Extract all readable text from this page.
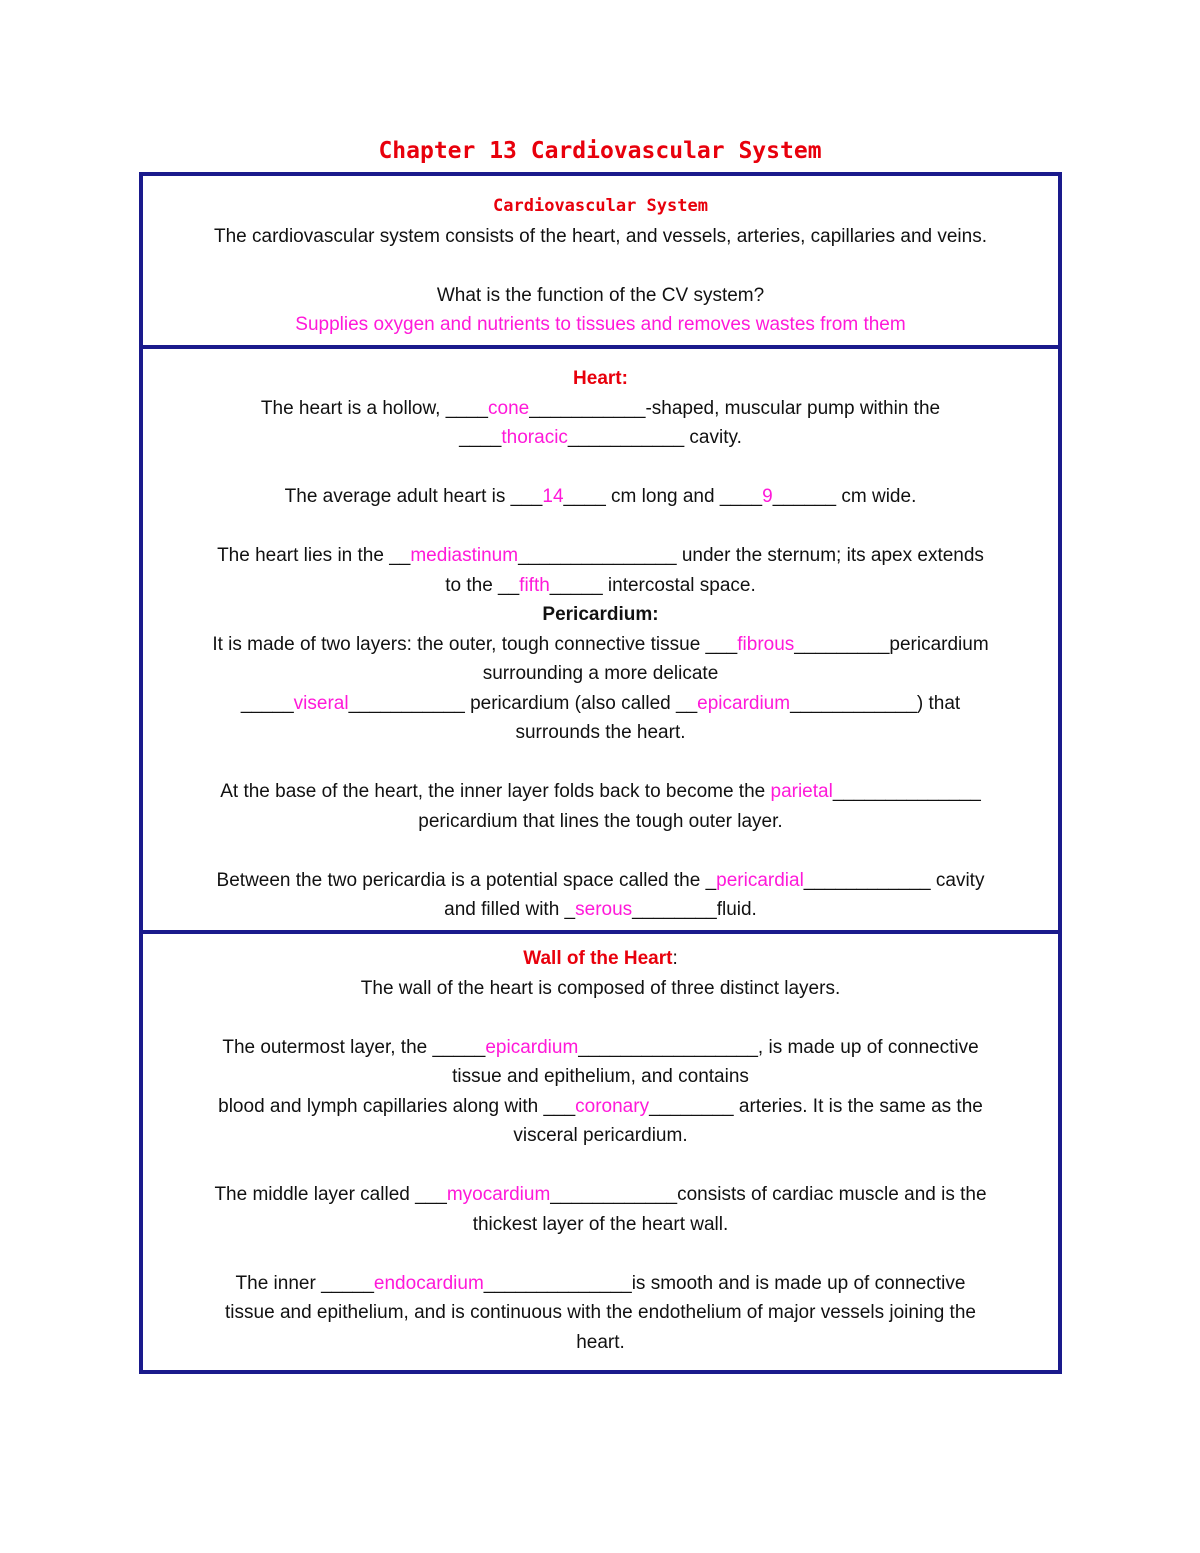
Chapter 13 Cardiovascular System
Cardiovascular System
The cardiovascular system consists of the heart, and vessels, arteries, capillaries and veins.
What is the function of the CV system?
Supplies oxygen and nutrients to tissues and removes wastes from them
Heart:
The heart is a hollow, ____cone___________-shaped, muscular pump within the
____thoracic___________ cavity.
The average adult heart is ___14____ cm long and ____9______ cm wide.
The heart lies in the __mediastinum_______________ under the sternum; its apex extends
to the __fifth_____ intercostal space.
Pericardium:
It is made of two layers: the outer, tough connective tissue ___fibrous_________pericardium
surrounding a more delicate
_____viseral___________ pericardium (also called __epicardium____________) that
surrounds the heart.
At the base of the heart, the inner layer folds back to become the parietal______________
pericardium that lines the tough outer layer.
Between the two pericardia is a potential space called the _pericardial____________ cavity
and filled with _serous________fluid.
Wall of the Heart:
The wall of the heart is composed of three distinct layers.
The outermost layer, the _____epicardium_________________, is made up of connective
tissue and epithelium, and contains
blood and lymph capillaries along with ___coronary________ arteries. It is the same as the
visceral pericardium.
The middle layer called ___myocardium____________consists of cardiac muscle and is the
thickest layer of the heart wall.
The inner _____endocardium______________is smooth and is made up of connective
tissue and epithelium, and is continuous with the endothelium of major vessels joining the
heart.
